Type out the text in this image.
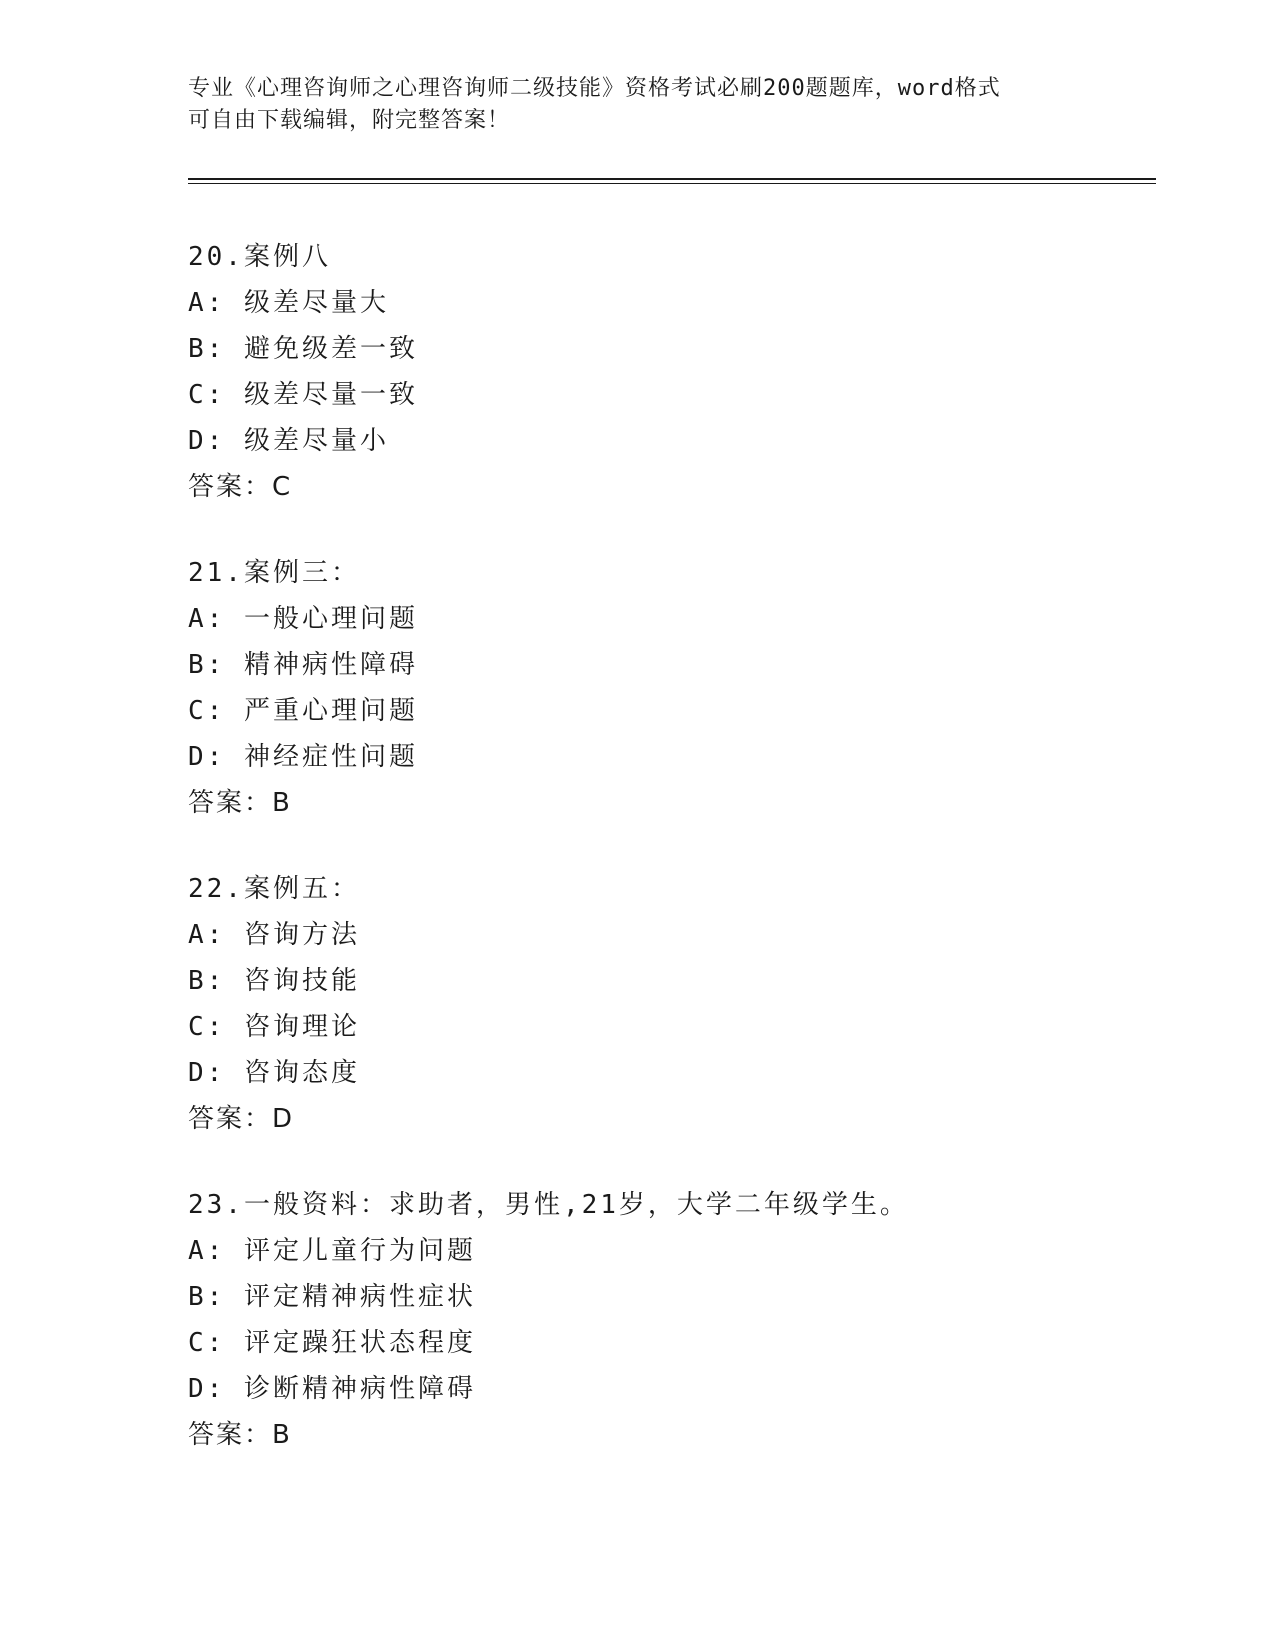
专业《心理咨询师之心理咨询师二级技能》资格考试必刷200题题库，word格式
可自由下载编辑，附完整答案！
20.案例八
A: 级差尽量大
B: 避免级差一致
C: 级差尽量一致
D: 级差尽量小
答案：C
21.案例三：
A: 一般心理问题
B: 精神病性障碍
C: 严重心理问题
D: 神经症性问题
答案：B
22.案例五：
A: 咨询方法
B: 咨询技能
C: 咨询理论
D: 咨询态度
答案：D
23.一般资料：求助者，男性,21岁，大学二年级学生。
A: 评定儿童行为问题
B: 评定精神病性症状
C: 评定躁狂状态程度
D: 诊断精神病性障碍
答案：B
